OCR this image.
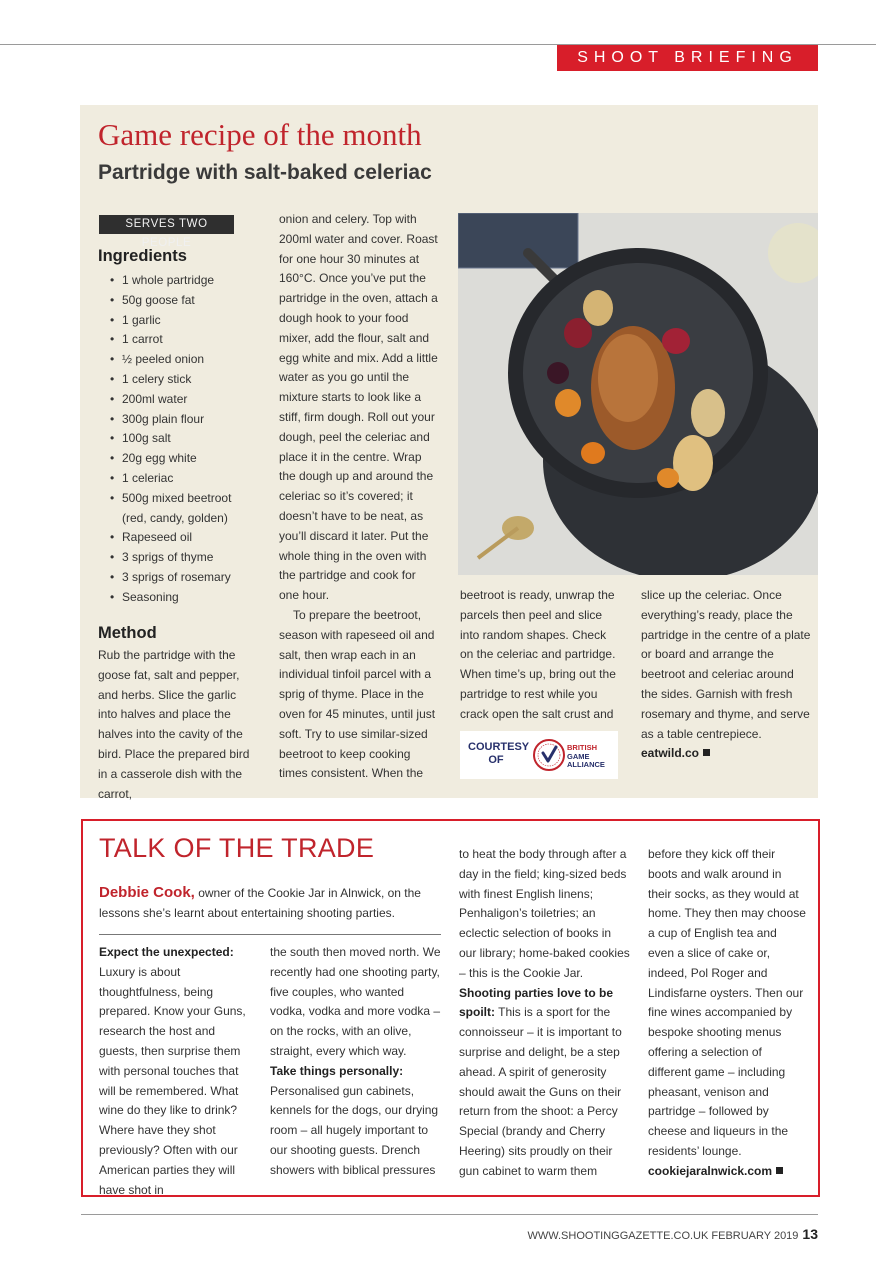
SHOOT BRIEFING
Game recipe of the month
Partridge with salt-baked celeriac
SERVES TWO PEOPLE
Ingredients
• 1 whole partridge
• 50g goose fat
• 1 garlic
• 1 carrot
• ½ peeled onion
• 1 celery stick
• 200ml water
• 300g plain flour
• 100g salt
• 20g egg white
• 1 celeriac
• 500g mixed beetroot
(red, candy, golden)
• Rapeseed oil
• 3 sprigs of thyme
• 3 sprigs of rosemary
• Seasoning
Method

Rub the partridge with the goose fat, salt and pepper, and herbs. Slice the garlic into halves and place the halves into the cavity of the bird. Place the prepared bird in a casserole dish with the carrot,

onion and celery. Top with 200ml water and cover. Roast for one hour 30 minutes at 160°C. Once you’ve put the partridge in the oven, attach a dough hook to your food mixer, add the flour, salt and egg white and mix. Add a little water as you go until the mixture starts to look like a stiff, firm dough. Roll out your dough, peel the celeriac and place it in the centre. Wrap the dough up and around the celeriac so it’s covered; it doesn’t have to be neat, as you’ll discard it later. Put the whole thing in the oven with the partridge and cook for one hour.

To prepare the beetroot, season with rapeseed oil and salt, then wrap each in an individual tinfoil parcel with a sprig of thyme. Place in the oven for 45 minutes, until just soft. Try to use similar-sized beetroot to keep cooking times consistent. When the

beetroot is ready, unwrap the parcels then peel and slice into random shapes. Check on the celeriac and partridge. When time’s up, bring out the partridge to rest while you crack open the salt crust and

COURTESY
OF
BRITISH
GAME
ALLIANCE

slice up the celeriac. Once everything’s ready, place the partridge in the centre of a plate or board and arrange the beetroot and celeriac around the sides. Garnish with fresh rosemary and thyme, and serve as a table centrepiece.

eatwild.co

TALK OF THE TRADE
Debbie Cook, owner of the Cookie Jar in Alnwick, on the lessons she’s learnt about entertaining shooting parties.

Expect the unexpected:

Luxury is about thoughtfulness, being prepared. Know your Guns, research the host and guests, then surprise them with personal touches that will be remembered. What wine do they like to drink? Where have they shot previously? Often with our American parties they will have shot in

the south then moved north. We recently had one shooting party, five couples, who wanted vodka, vodka and more vodka – on the rocks, with an olive, straight, every which way.

Take things personally:

Personalised gun cabinets, kennels for the dogs, our drying room – all hugely important to our shooting guests. Drench showers with biblical pressures

to heat the body through after a day in the field; king-sized beds with finest English linens; Penhaligon’s toiletries; an eclectic selection of books in our library; home-baked cookies – this is the Cookie Jar.

Shooting parties love to be spoilt: This is a sport for the connoisseur – it is important to surprise and delight, be a step ahead. A spirit of generosity should await the Guns on their return from the shoot: a Percy Special (brandy and Cherry Heering) sits proudly on their gun cabinet to warm them

before they kick off their boots and walk around in their socks, as they would at home. They then may choose a cup of English tea and even a slice of cake or, indeed, Pol Roger and Lindisfarne oysters. Then our fine wines accompanied by bespoke shooting menus offering a selection of different game – including pheasant, venison and partridge – followed by cheese and liqueurs in the residents’ lounge.

cookiejaralnwick.com

WWW.SHOOTINGGAZETTE.CO.UK FEBRUARY 2019 13
